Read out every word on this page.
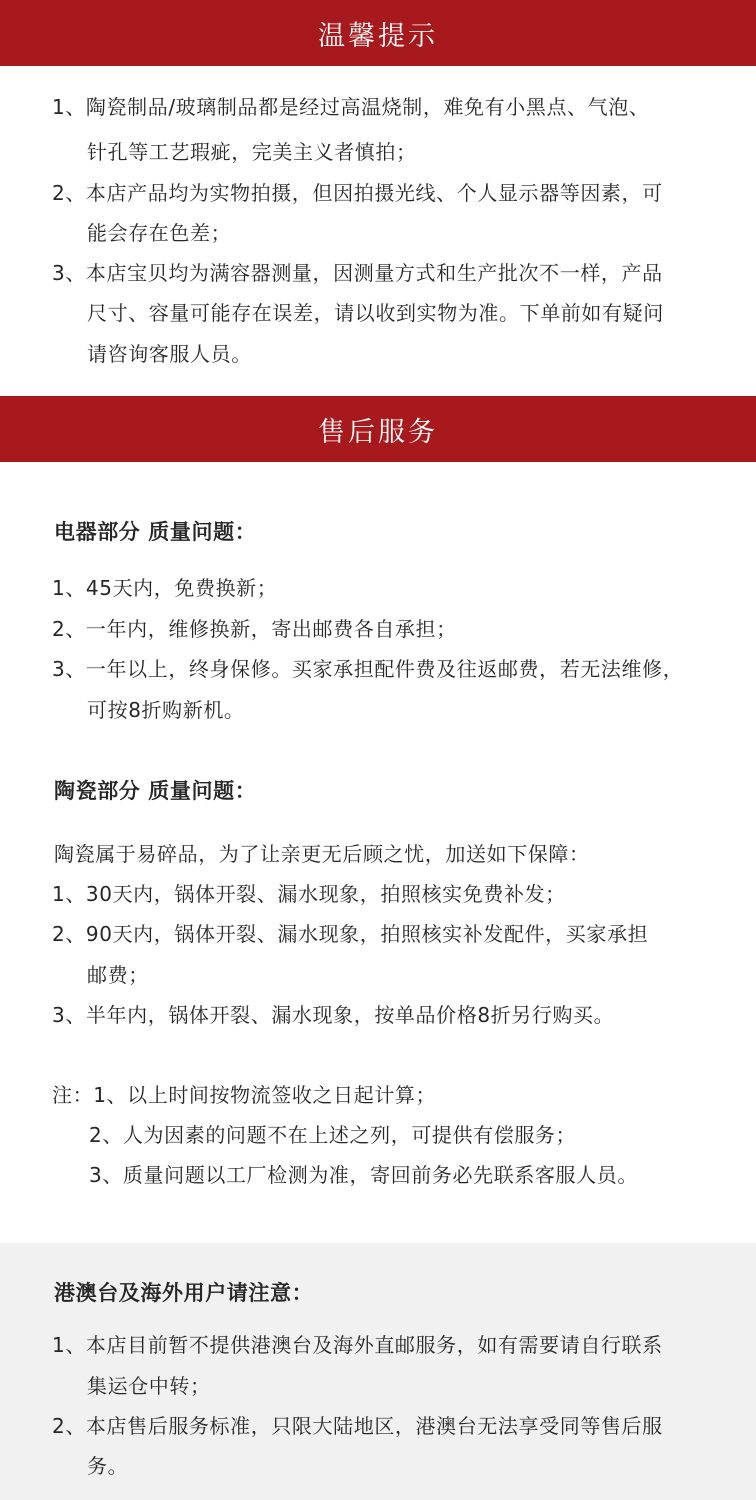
温馨提示

1、陶瓷制品/玻璃制品都是经过高温烧制，难免有小黑点、气泡、

针孔等工艺瑕疵，完美主义者慎拍；

2、本店产品均为实物拍摄，但因拍摄光线、个人显示器等因素，可

能会存在色差；

3、本店宝贝均为满容器测量，因测量方式和生产批次不一样，产品

尺寸、容量可能存在误差，请以收到实物为准。下单前如有疑问

请咨询客服人员。

售后服务

电器部分 质量问题：

1、45天内，免费换新；

2、一年内，维修换新，寄出邮费各自承担；

3、一年以上，终身保修。买家承担配件费及往返邮费，若无法维修，

可按8折购新机。

陶瓷部分 质量问题：

陶瓷属于易碎品，为了让亲更无后顾之忧，加送如下保障：

1、30天内，锅体开裂、漏水现象，拍照核实免费补发；

2、90天内，锅体开裂、漏水现象，拍照核实补发配件，买家承担

邮费；

3、半年内，锅体开裂、漏水现象，按单品价格8折另行购买。

注：1、以上时间按物流签收之日起计算；

2、人为因素的问题不在上述之列，可提供有偿服务；

3、质量问题以工厂检测为准，寄回前务必先联系客服人员。

港澳台及海外用户请注意：

1、本店目前暂不提供港澳台及海外直邮服务，如有需要请自行联系

集运仓中转；

2、本店售后服务标准，只限大陆地区，港澳台无法享受同等售后服

务。
